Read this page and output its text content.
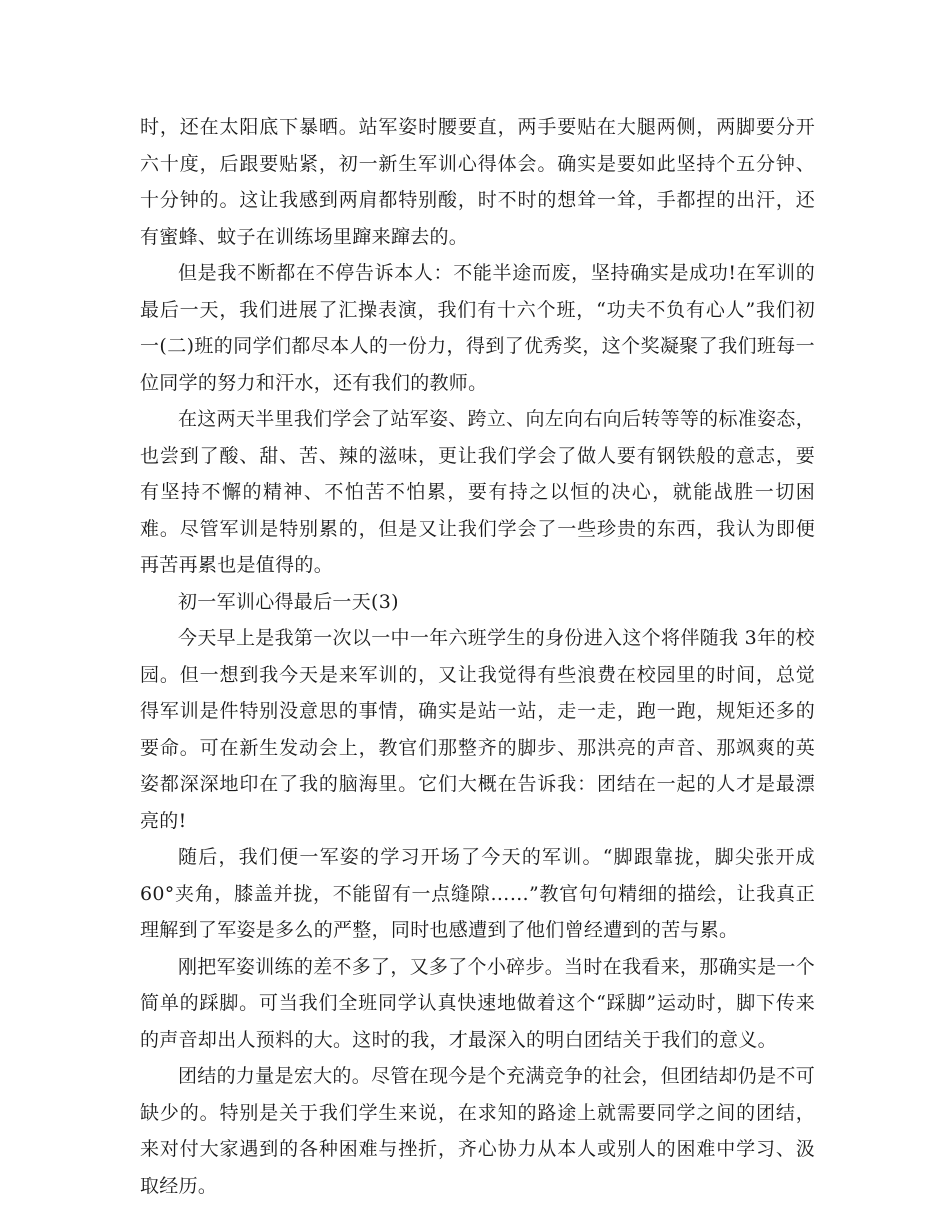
时，还在太阳底下暴晒。站军姿时腰要直，两手要贴在大腿两侧，两脚要分开六十度，后跟要贴紧，初一新生军训心得体会。确实是要如此坚持个五分钟、十分钟的。这让我感到两肩都特别酸，时不时的想耸一耸，手都捏的出汗，还有蜜蜂、蚊子在训练场里蹿来蹿去的。

但是我不断都在不停告诉本人：不能半途而废，坚持确实是成功!在军训的最后一天，我们进展了汇操表演，我们有十六个班，“功夫不负有心人”我们初一(二)班的同学们都尽本人的一份力，得到了优秀奖，这个奖凝聚了我们班每一位同学的努力和汗水，还有我们的教师。

在这两天半里我们学会了站军姿、跨立、向左向右向后转等等的标准姿态，也尝到了酸、甜、苦、辣的滋味，更让我们学会了做人要有钢铁般的意志，要有坚持不懈的精神、不怕苦不怕累，要有持之以恒的决心，就能战胜一切困难。尽管军训是特别累的，但是又让我们学会了一些珍贵的东西，我认为即便再苦再累也是值得的。

初一军训心得最后一天(3)

今天早上是我第一次以一中一年六班学生的身份进入这个将伴随我 3年的校园。但一想到我今天是来军训的，又让我觉得有些浪费在校园里的时间，总觉得军训是件特别没意思的事情，确实是站一站，走一走，跑一跑，规矩还多的要命。可在新生发动会上，教官们那整齐的脚步、那洪亮的声音、那飒爽的英姿都深深地印在了我的脑海里。它们大概在告诉我：团结在一起的人才是最漂亮的!

随后，我们便一军姿的学习开场了今天的军训。“脚跟靠拢，脚尖张开成60°夹角，膝盖并拢，不能留有一点缝隙……”教官句句精细的描绘，让我真正理解到了军姿是多么的严整，同时也感遭到了他们曾经遭到的苦与累。

刚把军姿训练的差不多了，又多了个小碎步。当时在我看来，那确实是一个简单的踩脚。可当我们全班同学认真快速地做着这个“踩脚”运动时，脚下传来的声音却出人预料的大。这时的我，才最深入的明白团结关于我们的意义。

团结的力量是宏大的。尽管在现今是个充满竞争的社会，但团结却仍是不可缺少的。特别是关于我们学生来说，在求知的路途上就需要同学之间的团结，来对付大家遇到的各种困难与挫折，齐心协力从本人或别人的困难中学习、汲取经历。
